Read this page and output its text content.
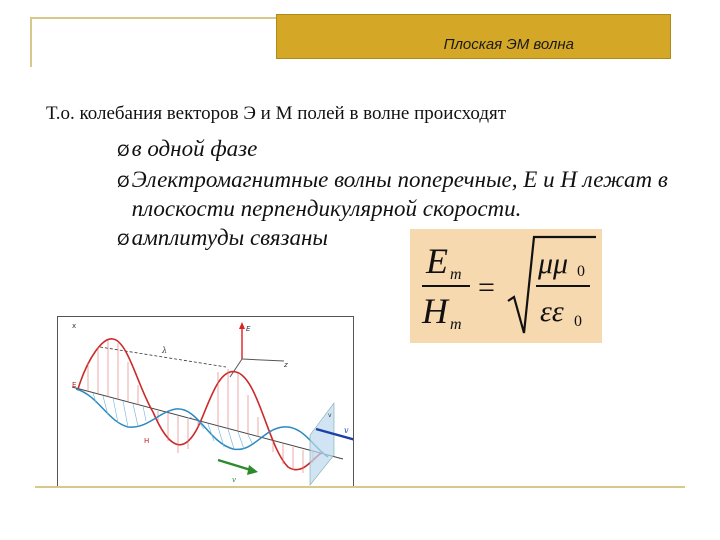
Плоская ЭМ волна
Т.о. колебания векторов Э и М полей в волне происходят
Øв одной фазе
ØЭлектромагнитные волны поперечные, E и H лежат в плоскости перпендикулярной скорости.
Øамплитуды связаны
E m
H m
=
μμ 0
εε 0
x	E
z
λ
v
E
H
v
v
